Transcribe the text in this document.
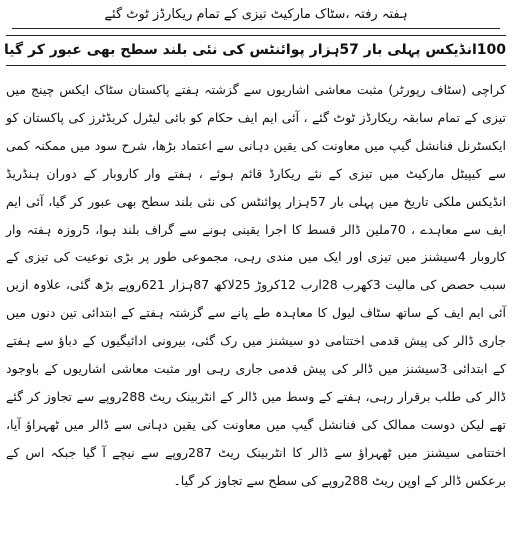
ہفتہ رفتہ ،سٹاک مارکیٹ تیزی کے تمام ریکارڈز ٹوٹ گئے

100انڈیکس پہلی بار 57ہزار پوائنٹس کی نئی بلند سطح بھی عبور کر گیا

کراچی (سٹاف رپورٹر) مثبت معاشی اشاریوں سے گزشتہ ہفتے پاکستان سٹاک ایکس چینج میں تیزی کے تمام سابقہ ریکارڈز ٹوٹ گئے ، آئی ایم ایف حکام کو بائی لیٹرل کریڈٹرز کی پاکستان کو ایکسٹرنل فنانشل گیپ میں معاونت کی یقین دہانی سے اعتماد بڑھا، شرح سود میں ممکنہ کمی سے کیپیٹل مارکیٹ میں تیزی کے نئے ریکارڈ قائم ہوئے ، ہفتے وار کاروبار کے دوران ہنڈریڈ انڈیکس ملکی تاریخ میں پہلی بار 57ہزار پوائنٹس کی نئی بلند سطح بھی عبور کر گیا، آئی ایم ایف سے معاہدے ، 70ملین ڈالر قسط کا اجرا یقینی ہونے سے گراف بلند ہوا، 5روزہ ہفتہ وار کاروبار 4سیشنز میں تیزی اور ایک میں مندی رہی، مجموعی طور پر بڑی نوعیت کی تیزی کے سبب حصص کی مالیت 3کھرب 28ارب 12کروڑ 25لاکھ 87ہزار 621روپے بڑھ گئی، علاوہ ازیں آئی ایم ایف کے ساتھ سٹاف لیول کا معاہدہ طے پانے سے گزشتہ ہفتے کے ابتدائی تین دنوں میں جاری ڈالر کی پیش قدمی اختتامی دو سیشنز میں رک گئی، بیرونی ادائیگیوں کے دباؤ سے ہفتے کے ابتدائی 3سیشنز میں ڈالر کی پیش قدمی جاری رہی اور مثبت معاشی اشاریوں کے باوجود ڈالر کی طلب برقرار رہی، ہفتے کے وسط میں ڈالر کے انٹربینک ریٹ 288روپے سے تجاوز کر گئے تھے لیکن دوست ممالک کی فنانشل گیپ میں معاونت کی یقین دہانی سے ڈالر میں ٹھہراؤ آیا، اختتامی سیشنز میں ٹھہراؤ سے ڈالر کا انٹربینک ریٹ 287روپے سے نیچے آ گیا جبکہ اس کے برعکس ڈالر کے اوپن ریٹ 288روپے کی سطح سے تجاوز کر گیا۔
